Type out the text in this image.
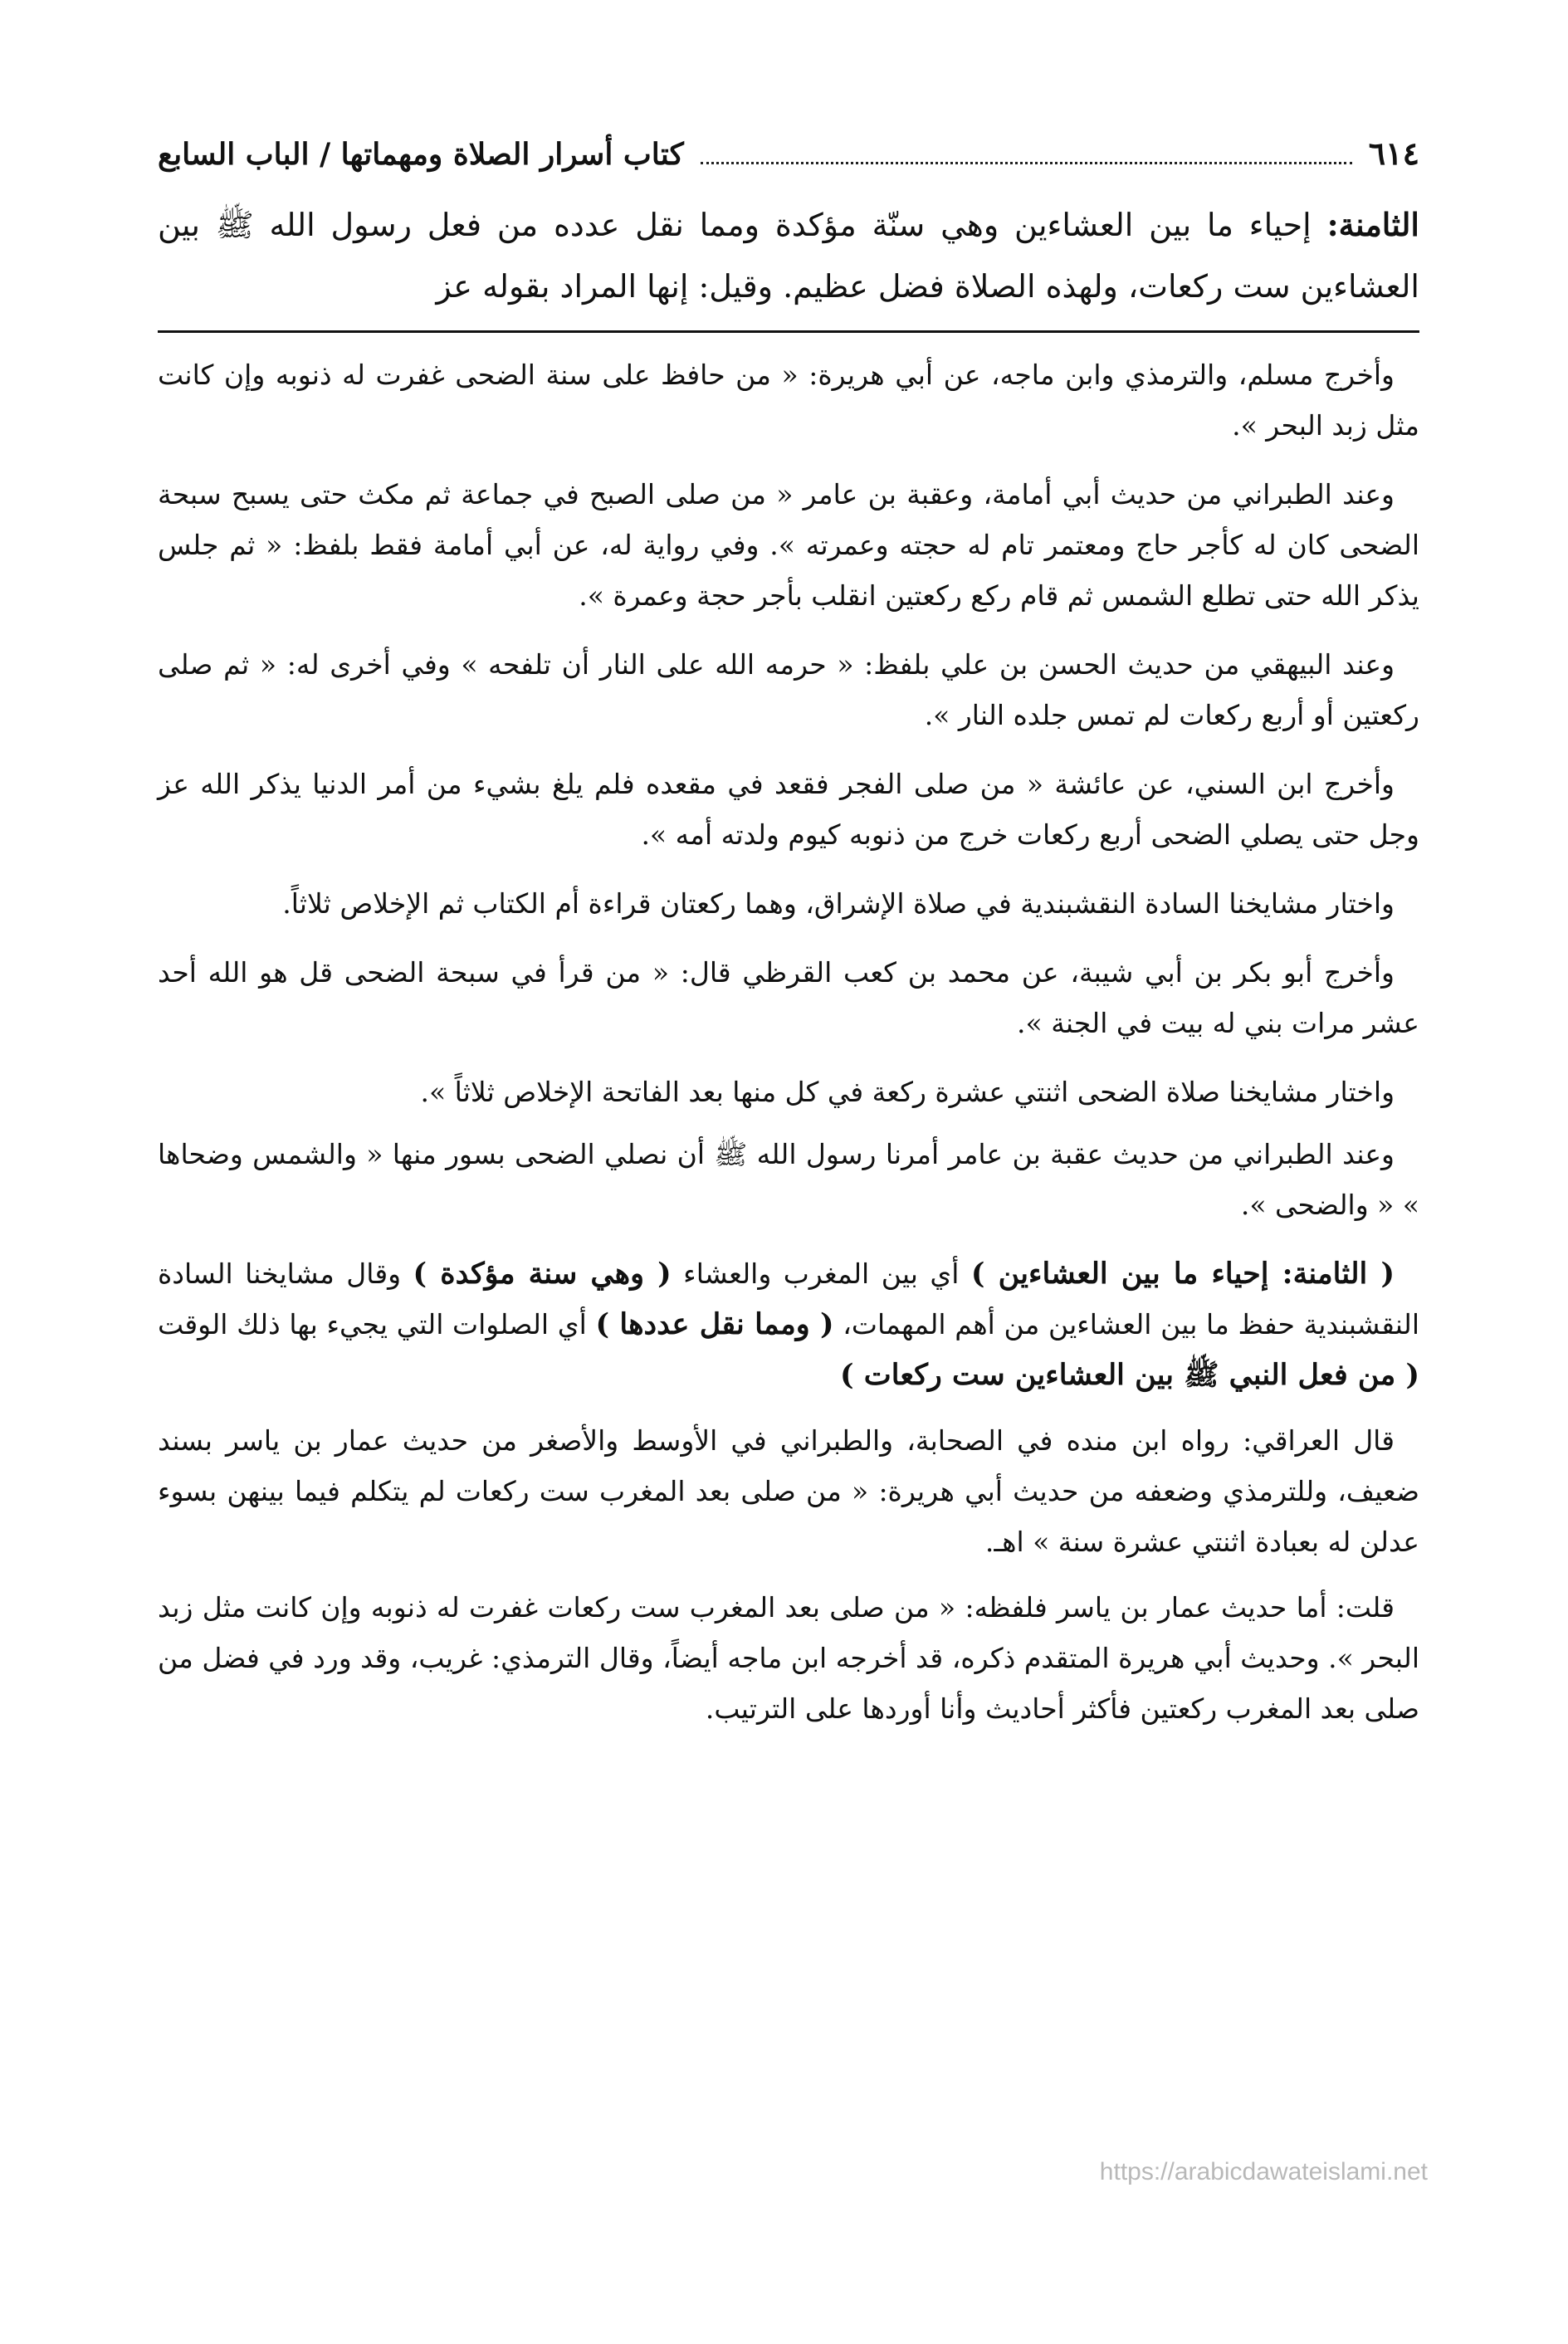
٦١٤
كتاب أسرار الصلاة ومهماتها / الباب السابع
الثامنة: إحياء ما بين العشاءين وهي سنّة مؤكدة ومما نقل عدده من فعل رسول الله ﷺ بين العشاءين ست ركعات، ولهذه الصلاة فضل عظيم. وقيل: إنها المراد بقوله عز

وأخرج مسلم، والترمذي وابن ماجه، عن أبي هريرة: « من حافظ على سنة الضحى غفرت له ذنوبه وإن كانت مثل زبد البحر ».

وعند الطبراني من حديث أبي أمامة، وعقبة بن عامر « من صلى الصبح في جماعة ثم مكث حتى يسبح سبحة الضحى كان له كأجر حاج ومعتمر تام له حجته وعمرته ». وفي رواية له، عن أبي أمامة فقط بلفظ: « ثم جلس يذكر الله حتى تطلع الشمس ثم قام ركع ركعتين انقلب بأجر حجة وعمرة ».

وعند البيهقي من حديث الحسن بن علي بلفظ: « حرمه الله على النار أن تلفحه » وفي أخرى له: « ثم صلى ركعتين أو أربع ركعات لم تمس جلده النار ».

وأخرج ابن السني، عن عائشة « من صلى الفجر فقعد في مقعده فلم يلغ بشيء من أمر الدنيا يذكر الله عز وجل حتى يصلي الضحى أربع ركعات خرج من ذنوبه كيوم ولدته أمه ».

واختار مشايخنا السادة النقشبندية في صلاة الإشراق، وهما ركعتان قراءة أم الكتاب ثم الإخلاص ثلاثاً.

وأخرج أبو بكر بن أبي شيبة، عن محمد بن كعب القرظي قال: « من قرأ في سبحة الضحى قل هو الله أحد عشر مرات بني له بيت في الجنة ».

واختار مشايخنا صلاة الضحى اثنتي عشرة ركعة في كل منها بعد الفاتحة الإخلاص ثلاثاً ».

وعند الطبراني من حديث عقبة بن عامر أمرنا رسول الله ﷺ أن نصلي الضحى بسور منها « والشمس وضحاها » « والضحى ».

( الثامنة: إحياء ما بين العشاءين ) أي بين المغرب والعشاء ( وهي سنة مؤكدة ) وقال مشايخنا السادة النقشبندية حفظ ما بين العشاءين من أهم المهمات، ( ومما نقل عددها ) أي الصلوات التي يجيء بها ذلك الوقت ( من فعل النبي ﷺ بين العشاءين ست ركعات )

قال العراقي: رواه ابن منده في الصحابة، والطبراني في الأوسط والأصغر من حديث عمار بن ياسر بسند ضعيف، وللترمذي وضعفه من حديث أبي هريرة: « من صلى بعد المغرب ست ركعات لم يتكلم فيما بينهن بسوء عدلن له بعبادة اثنتي عشرة سنة » اهـ.

قلت: أما حديث عمار بن ياسر فلفظه: « من صلى بعد المغرب ست ركعات غفرت له ذنوبه وإن كانت مثل زبد البحر ». وحديث أبي هريرة المتقدم ذكره، قد أخرجه ابن ماجه أيضاً، وقال الترمذي: غريب، وقد ورد في فضل من صلى بعد المغرب ركعتين فأكثر أحاديث وأنا أوردها على الترتيب.

https://arabicdawateislami.net
